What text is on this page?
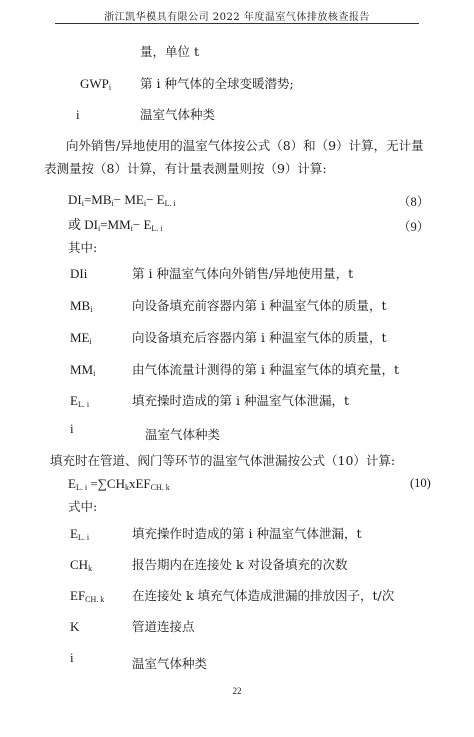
浙江凯华模具有限公司 2022 年度温室气体排放核查报告
量，单位 t
$GWP_i$ 第 i 种气体的全球变暖潜势;
i	温室气体种类
向外销售/异地使用的温室气体按公式（8）和（9）计算，无计量
表测量按（8）计算，有计量表测量则按（9）计算:
$DI_i=MB_i- ME_i- E_{L. i}$	（8）
或 $DI_i=MM_i- E_{L. i}$	（9）
其中:
DIi	第 i 种温室气体向外销售/异地使用量，t
$MB_i$	向设备填充前容器内第 i 种温室气体的质量，t
$ME_i$	向设备填充后容器内第 i 种温室气体的质量，t
$MM_i$	由气体流量计测得的第 i 种温室气体的填充量，t
$E_{L. i}$	填充操时造成的第 i 种温室气体泄漏，t
i	温室气体种类
填充时在管道、阀门等环节的温室气体泄漏按公式（10）计算:
$E_{L. i} =\sum CH_kxEF_{CH. k}$	(10)
式中:
$E_{L. i}$	填充操作时造成的第 i 种温室气体泄漏，t
$CH_k$	报告期内在连接处 k 对设备填充的次数
$EF_{CH. k}$ 在连接处 k 填充气体造成泄漏的排放因子，t/次
K	管道连接点
i	温室气体种类
22
